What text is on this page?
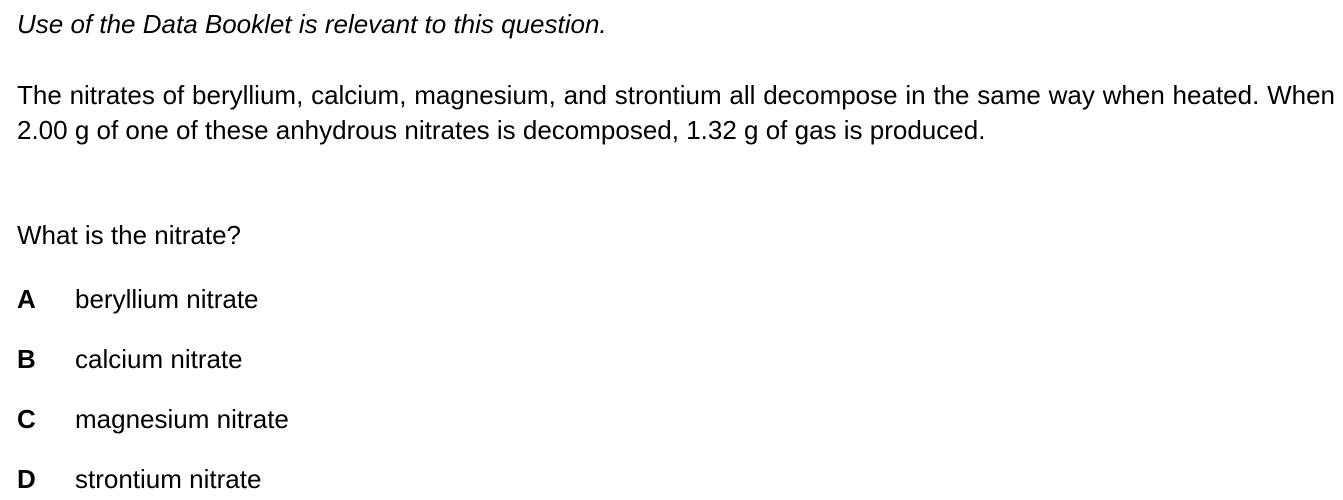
Use of the Data Booklet is relevant to this question.
The nitrates of beryllium, calcium, magnesium, and strontium all decompose in the same way when heated. When 2.00 g of one of these anhydrous nitrates is decomposed, 1.32 g of gas is produced.
What is the nitrate?
A	beryllium nitrate
B	calcium nitrate
C	magnesium nitrate
D	strontium nitrate
